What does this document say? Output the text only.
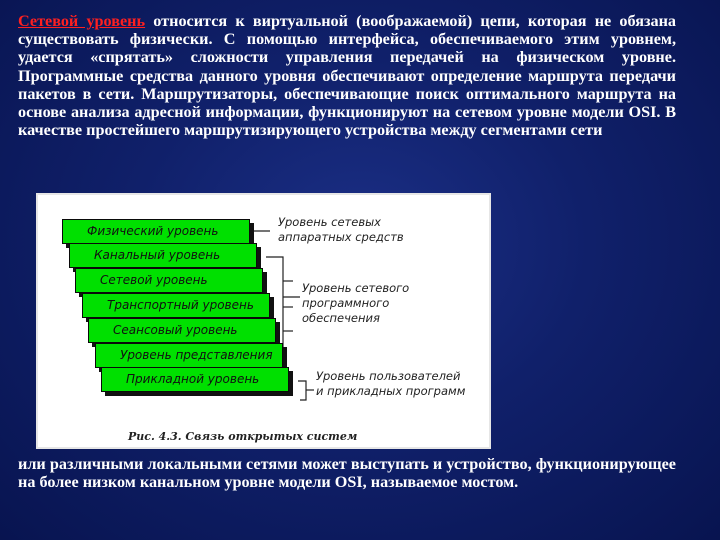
Сетевой уровень относится к виртуальной (воображаемой) цепи, которая не обязана существовать физически. С помощью интерфейса, обеспечиваемого этим уровнем, удается «спрятать» сложности управления передачей на физическом уровне. Программные средства данного уровня обеспечивают определение маршрута передачи пакетов в сети. Маршрутизаторы, обеспечивающие поиск оптимального маршрута на основе анализа адресной информации, функционируют на сетевом уровне модели OSI. В качестве простейшего маршрутизирующего устройства между сегментами сети

Физический уровень
Канальный уровень
Сетевой уровень
Транспортный уровень
Сеансовый уровень
Уровень представления
Прикладной уровень

Уровень сетевых
аппаратных средств

Уровень сетевого
программного
обеспечения

Уровень пользователей
и прикладных программ

Рис. 4.3. Связь открытых систем

или различными локальными сетями может выступать и устройство, функционирующее на более низком канальном уровне модели OSI, называемое мостом.
